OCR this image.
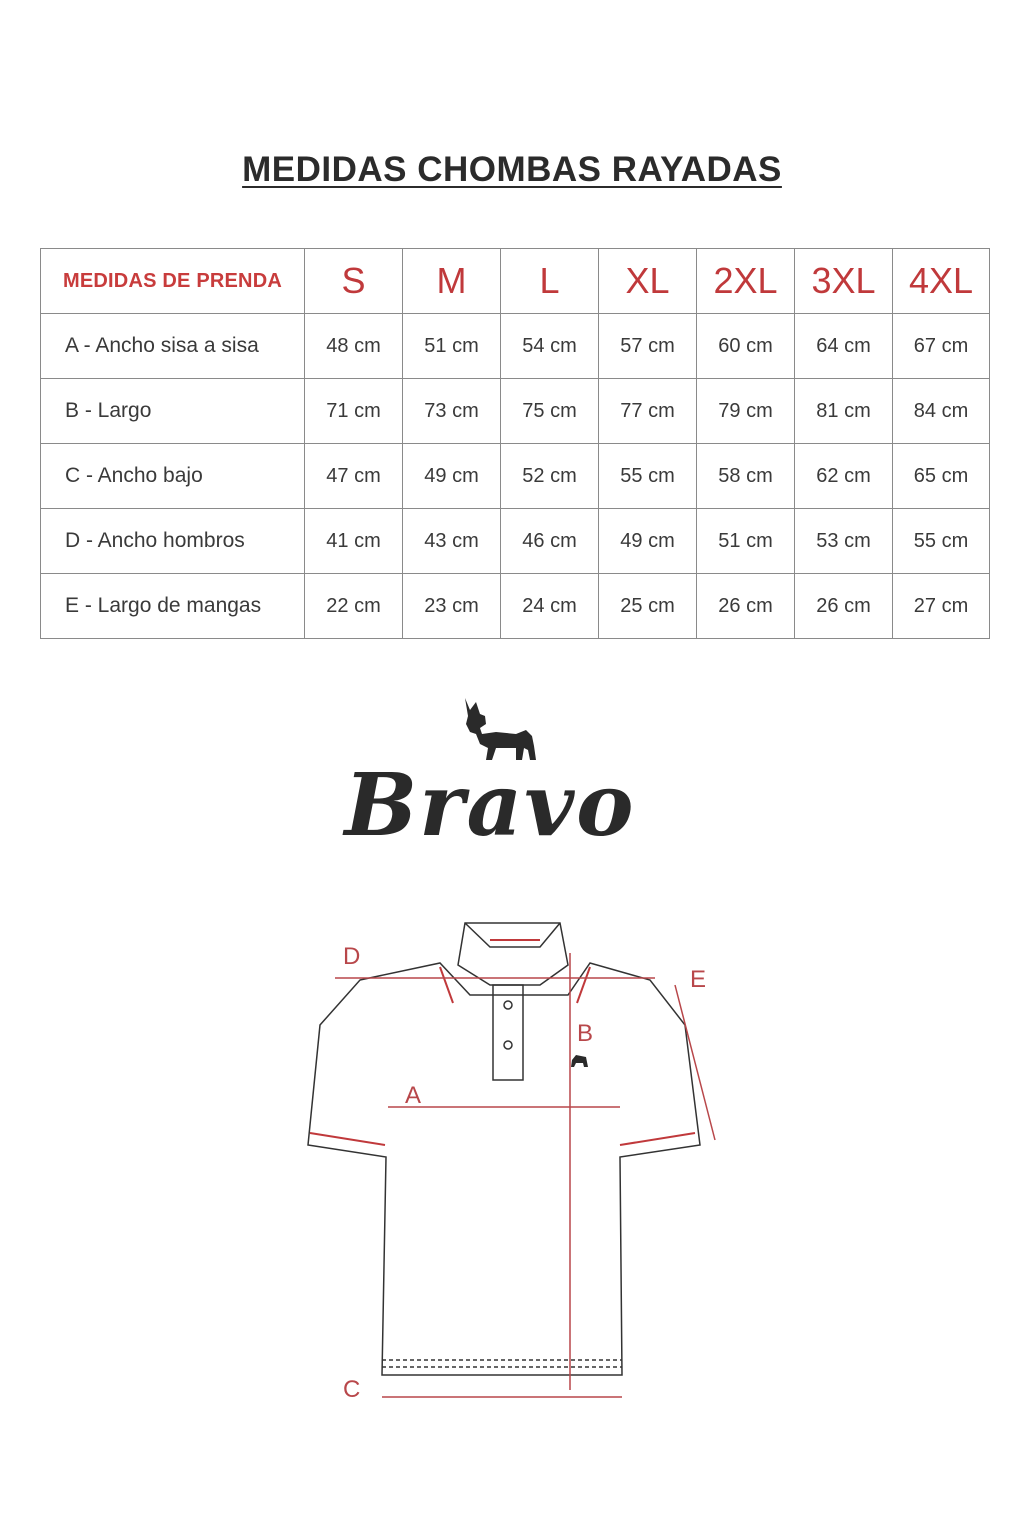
MEDIDAS CHOMBAS RAYADAS
MEDIDAS DE PRENDA	S	M	L	XL	2XL	3XL	4XL
A - Ancho sisa a sisa	48 cm	51 cm	54 cm	57 cm	60 cm	64 cm	67 cm
B - Largo	71 cm	73 cm	75 cm	77 cm	79 cm	81 cm	84 cm
C - Ancho bajo	47 cm	49 cm	52 cm	55 cm	58 cm	62 cm	65 cm
D - Ancho hombros	41 cm	43 cm	46 cm	49 cm	51 cm	53 cm	55 cm
E - Largo de mangas	22 cm	23 cm	24 cm	25 cm	26 cm	26 cm	27 cm
Bravo
D
E
B
A
C
